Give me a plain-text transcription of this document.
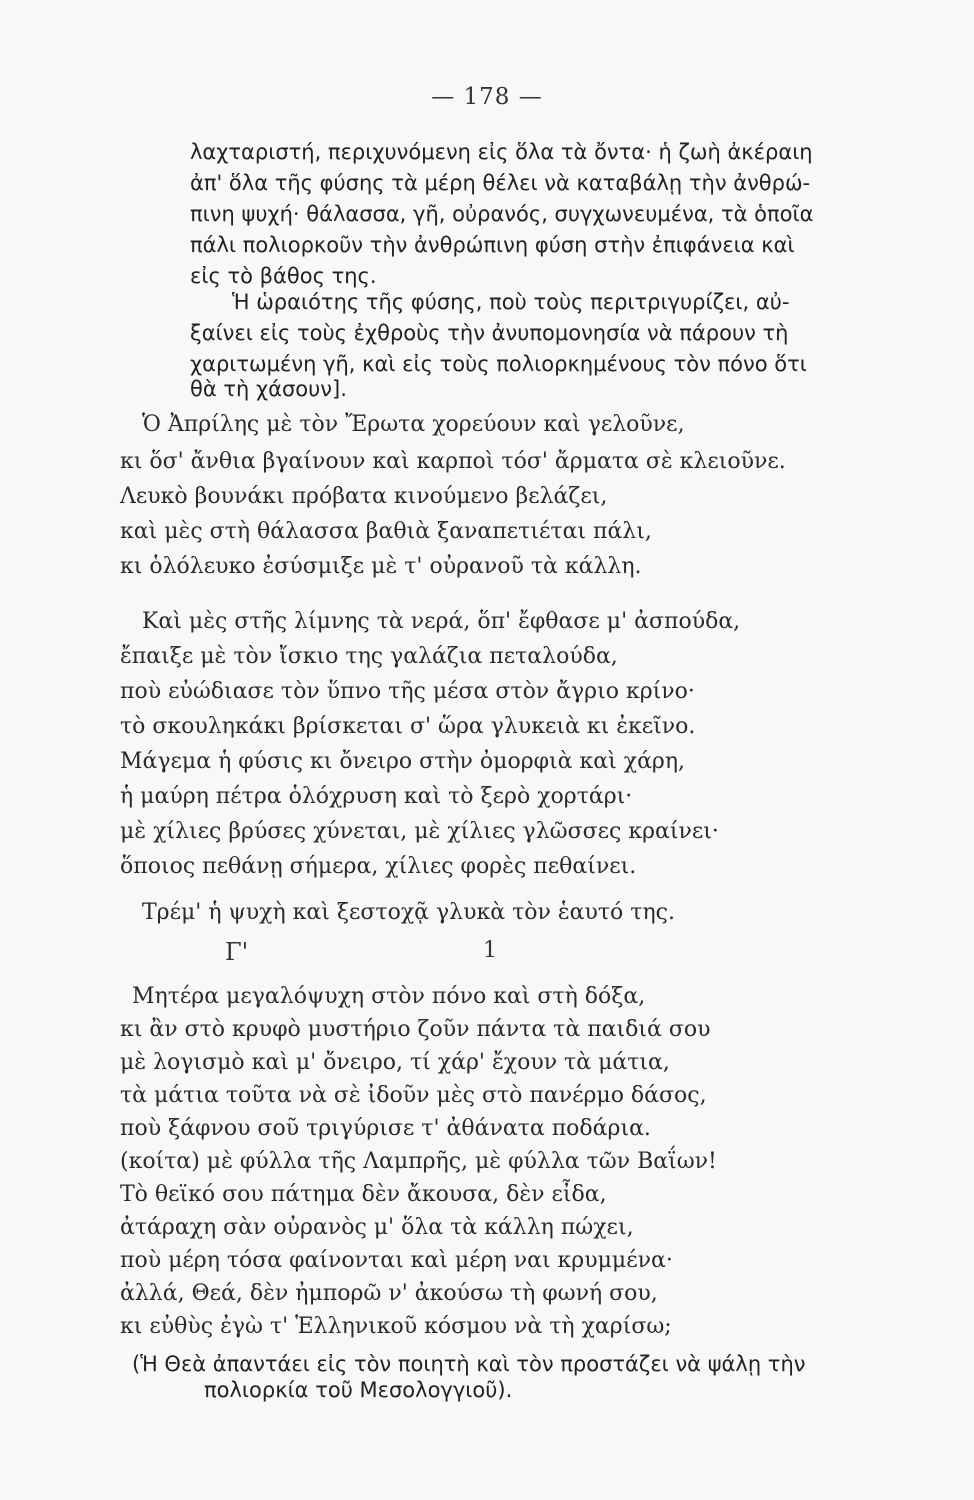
— 178 —
λαχταριστή, περιχυνόμενη εἰς ὅλα τὰ ὄντα· ἡ ζωὴ ἀκέραιη
ἀπ' ὅλα τῆς φύσης τὰ μέρη θέλει νὰ καταβάλῃ τὴν ἀνθρώ-
πινη ψυχή· θάλασσα, γῆ, οὐρανός, συγχωνευμένα, τὰ ὁποῖα
πάλι πολιορκοῦν τὴν ἀνθρώπινη φύση στὴν ἐπιφάνεια καὶ
εἰς τὸ βάθος της.
Ἡ ὡραιότης τῆς φύσης, ποὺ τοὺς περιτριγυρίζει, αὐ-
ξαίνει εἰς τοὺς ἐχθροὺς τὴν ἀνυπομονησία νὰ πάρουν τὴ
χαριτωμένη γῆ, καὶ εἰς τοὺς πολιορκημένους τὸν πόνο ὅτι
θὰ τὴ χάσουν].
Ὁ Ἀπρίλης μὲ τὸν Ἔρωτα χορεύουν καὶ γελοῦνε,
κι ὅσ' ἄνθια βγαίνουν καὶ καρποὶ τόσ' ἄρματα σὲ κλειοῦνε.
Λευκὸ βουνάκι πρόβατα κινούμενο βελάζει,
καὶ μὲς στὴ θάλασσα βαθιὰ ξαναπετιέται πάλι,
κι ὁλόλευκο ἐσύσμιξε μὲ τ' οὐρανοῦ τὰ κάλλη.
Καὶ μὲς στῆς λίμνης τὰ νερά, ὅπ' ἔφθασε μ' ἀσπούδα,
ἔπαιξε μὲ τὸν ἴσκιο της γαλάζια πεταλούδα,
ποὺ εὐώδιασε τὸν ὕπνο τῆς μέσα στὸν ἄγριο κρίνο·
τὸ σκουληκάκι βρίσκεται σ' ὥρα γλυκειὰ κι ἐκεῖνο.
Μάγεμα ἡ φύσις κι ὄνειρο στὴν ὀμορφιὰ καὶ χάρη,
ἡ μαύρη πέτρα ὁλόχρυση καὶ τὸ ξερὸ χορτάρι·
μὲ χίλιες βρύσες χύνεται, μὲ χίλιες γλῶσσες κραίνει·
ὅποιος πεθάνῃ σήμερα, χίλιες φορὲς πεθαίνει.
Τρέμ' ἡ ψυχὴ καὶ ξεστοχᾷ γλυκὰ τὸν ἑαυτό της.
Γ'	1
Μητέρα μεγαλόψυχη στὸν πόνο καὶ στὴ δόξα,
κι ἂν στὸ κρυφὸ μυστήριο ζοῦν πάντα τὰ παιδιά σου
μὲ λογισμὸ καὶ μ' ὄνειρο, τί χάρ' ἔχουν τὰ μάτια,
τὰ μάτια τοῦτα νὰ σὲ ἰδοῦν μὲς στὸ πανέρμο δάσος,
ποὺ ξάφνου σοῦ τριγύρισε τ' ἀθάνατα ποδάρια.
(κοίτα) μὲ φύλλα τῆς Λαμπρῆς, μὲ φύλλα τῶν Βαΐων!
Τὸ θεϊκό σου πάτημα δὲν ἄκουσα, δὲν εἶδα,
ἀτάραχη σὰν οὐρανὸς μ' ὅλα τὰ κάλλη πώχει,
ποὺ μέρη τόσα φαίνονται καὶ μέρη ναι κρυμμένα·
ἀλλά, Θεά, δὲν ἠμπορῶ ν' ἀκούσω τὴ φωνή σου,
κι εὐθὺς ἐγὼ τ' Ἑλληνικοῦ κόσμου νὰ τὴ χαρίσω;
(Ἡ Θεὰ ἀπαντάει εἰς τὸν ποιητὴ καὶ τὸν προστάζει νὰ ψάλῃ τὴν
πολιορκία τοῦ Μεσολογγιοῦ).
